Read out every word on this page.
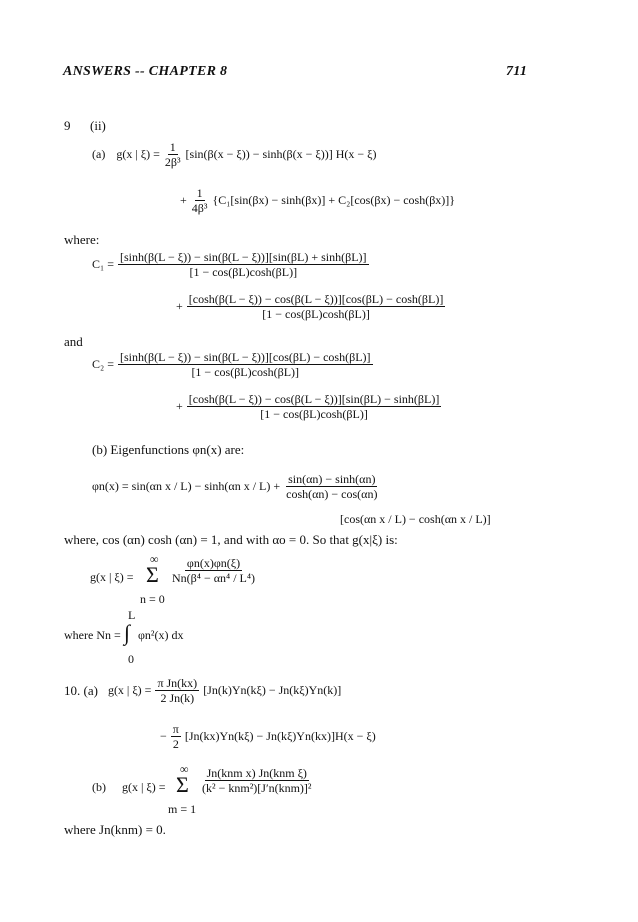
ANSWERS -- CHAPTER 8	711
9 (ii)
(a) g(x | $\xi) = \frac{1}{\text{2β³}} [\sin(\beta(x - \xi)) - \sinh(\beta(x - \xi))] H(x - \xi)$
+ $\frac{1}{\text{4β³}} \{C_1[\sin(\beta x) - \sinh(\beta x)] + C_2[\cos(\beta x) - \cosh(\beta x)]\}$
where:
$C_1 = \frac{[\sinh(\beta(L - \xi)) - \sin(\beta(L - \xi))][\sin(\beta L) + \sinh(\beta L)]}{[1 - \cos(\beta L)\cosh(\beta L)]}$
+ $\frac{[\cosh(\beta(L - \xi)) - \cos(\beta(L - \xi))][\cos(\beta L) - \cosh(\beta L)]}{[1 - \cos(\beta L)\cosh(\beta L)]}$
and
$C_2 = \frac{[\sinh(\beta(L - \xi)) - \sin(\beta(L - \xi))][\cos(\beta L) - \cosh(\beta L)]}{[1 - \cos(\beta L)\cosh(\beta L)]}$
+ $\frac{[\cosh(\beta(L - \xi)) - \cos(\beta(L - \xi))][\sin(\beta L) - \sinh(\beta L)]}{[1 - \cos(\beta L)\cosh(\beta L)]}$
(b) Eigenfunctions φn(x) are:
φn(x) = sin(αn x / L) − sinh(αn $x / L) + \frac{\sin(\alpha n) - \sinh(\alpha n)}{\cosh(\alpha n) - \cos(\alpha n)}$
[cos(αn x / L) − cosh(αn x / L)]
where, cos (αn) cosh (αn) = 1, and with αo = 0. So that g(x|ξ) is:
g(x | ξ) =
∞
Σ
n = 0
$\frac{\varphi n(x)\varphi n(\xi)}{\text{Nn(β⁴ − αn⁴ / L⁴)}}$
L
where Nn = ∫ φn²(x) dx
0
10. (a) g(x | $\xi) = \frac{\text{π Jn(kx)}}{2 Jn(k)} [Jn(k)Yn(k\xi) - Jn(k\xi)Yn(k)]$
− $\frac{\pi}{2} [Jn(kx)Yn(k\xi) - Jn(k\xi)Yn(kx)]H(x - \xi)$
(b) g(x | ξ) =
∞
Σ
m = 1
$\frac{\text{Jn(knm x) Jn(knm ξ)}}{\text{(k² − knm²)[J′n(knm)]²}}$
where Jn(knm) = 0.
